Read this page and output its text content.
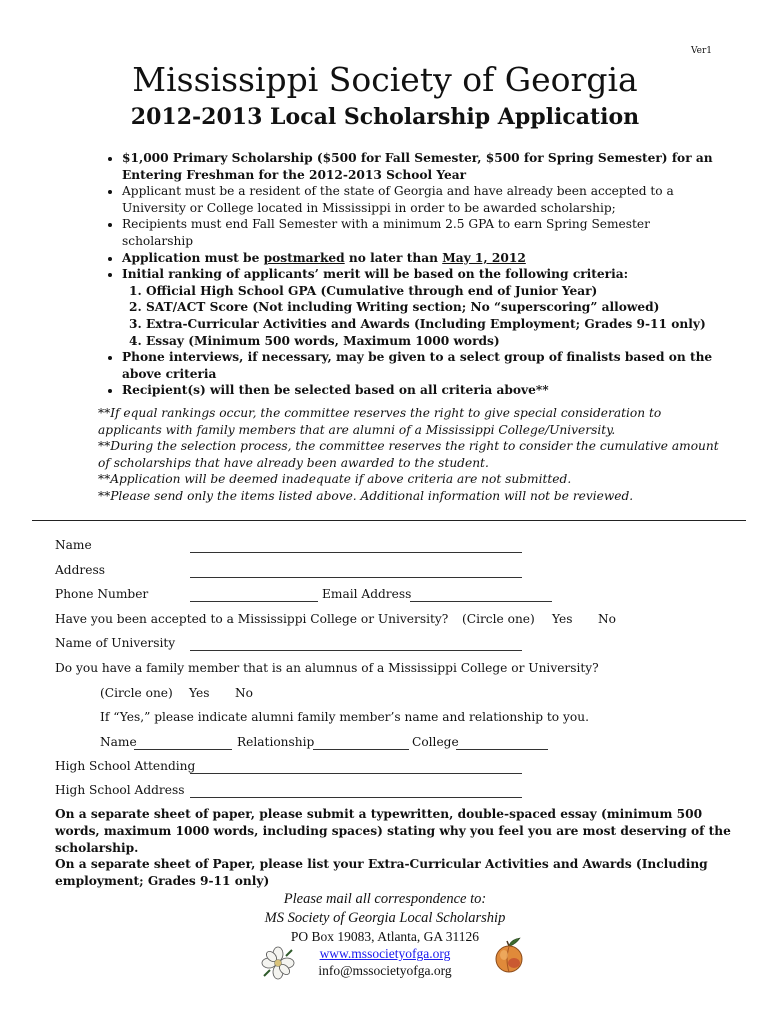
Ver1
Mississippi Society of Georgia
2012-2013 Local Scholarship Application
• $1,000 Primary Scholarship ($500 for Fall Semester, $500 for Spring Semester) for an Entering Freshman for the 2012-2013 School Year
• Applicant must be a resident of the state of Georgia and have already been accepted to a University or College located in Mississippi in order to be awarded scholarship;
• Recipients must end Fall Semester with a minimum 2.5 GPA to earn Spring Semester scholarship
• Application must be postmarked no later than May 1, 2012
• Initial ranking of applicants’ merit will be based on the following criteria:
1. Official High School GPA (Cumulative through end of Junior Year)
2. SAT/ACT Score (Not including Writing section; No “superscoring” allowed)
3. Extra-Curricular Activities and Awards (Including Employment; Grades 9-11 only)
4. Essay (Minimum 500 words, Maximum 1000 words)
• Phone interviews, if necessary, may be given to a select group of finalists based on the above criteria
• Recipient(s) will then be selected based on all criteria above**

**If equal rankings occur, the committee reserves the right to give special consideration to applicants with family members that are alumni of a Mississippi College/University.

**During the selection process, the committee reserves the right to consider the cumulative amount of scholarships that have already been awarded to the student.

**Application will be deemed inadequate if above criteria are not submitted.

**Please send only the items listed above. Additional information will not be reviewed.

Name
Address
Phone Number	Email Address
Have you been accepted to a Mississippi College or University? (Circle one) Yes No
Name of University
Do you have a family member that is an alumnus of a Mississippi College or University?
(Circle one) Yes No
If “Yes,” please indicate alumni family member’s name and relationship to you.
Name	Relationship	College
High School Attending
High School Address
On a separate sheet of paper, please submit a typewritten, double-spaced essay (minimum 500 words, maximum 1000 words, including spaces) stating why you feel you are most deserving of the scholarship.
On a separate sheet of Paper, please list your Extra-Curricular Activities and Awards (Including employment; Grades 9-11 only)
Please mail all correspondence to:
MS Society of Georgia Local Scholarship
PO Box 19083, Atlanta, GA 31126
www.mssocietyofga.org
info@mssocietyofga.org
